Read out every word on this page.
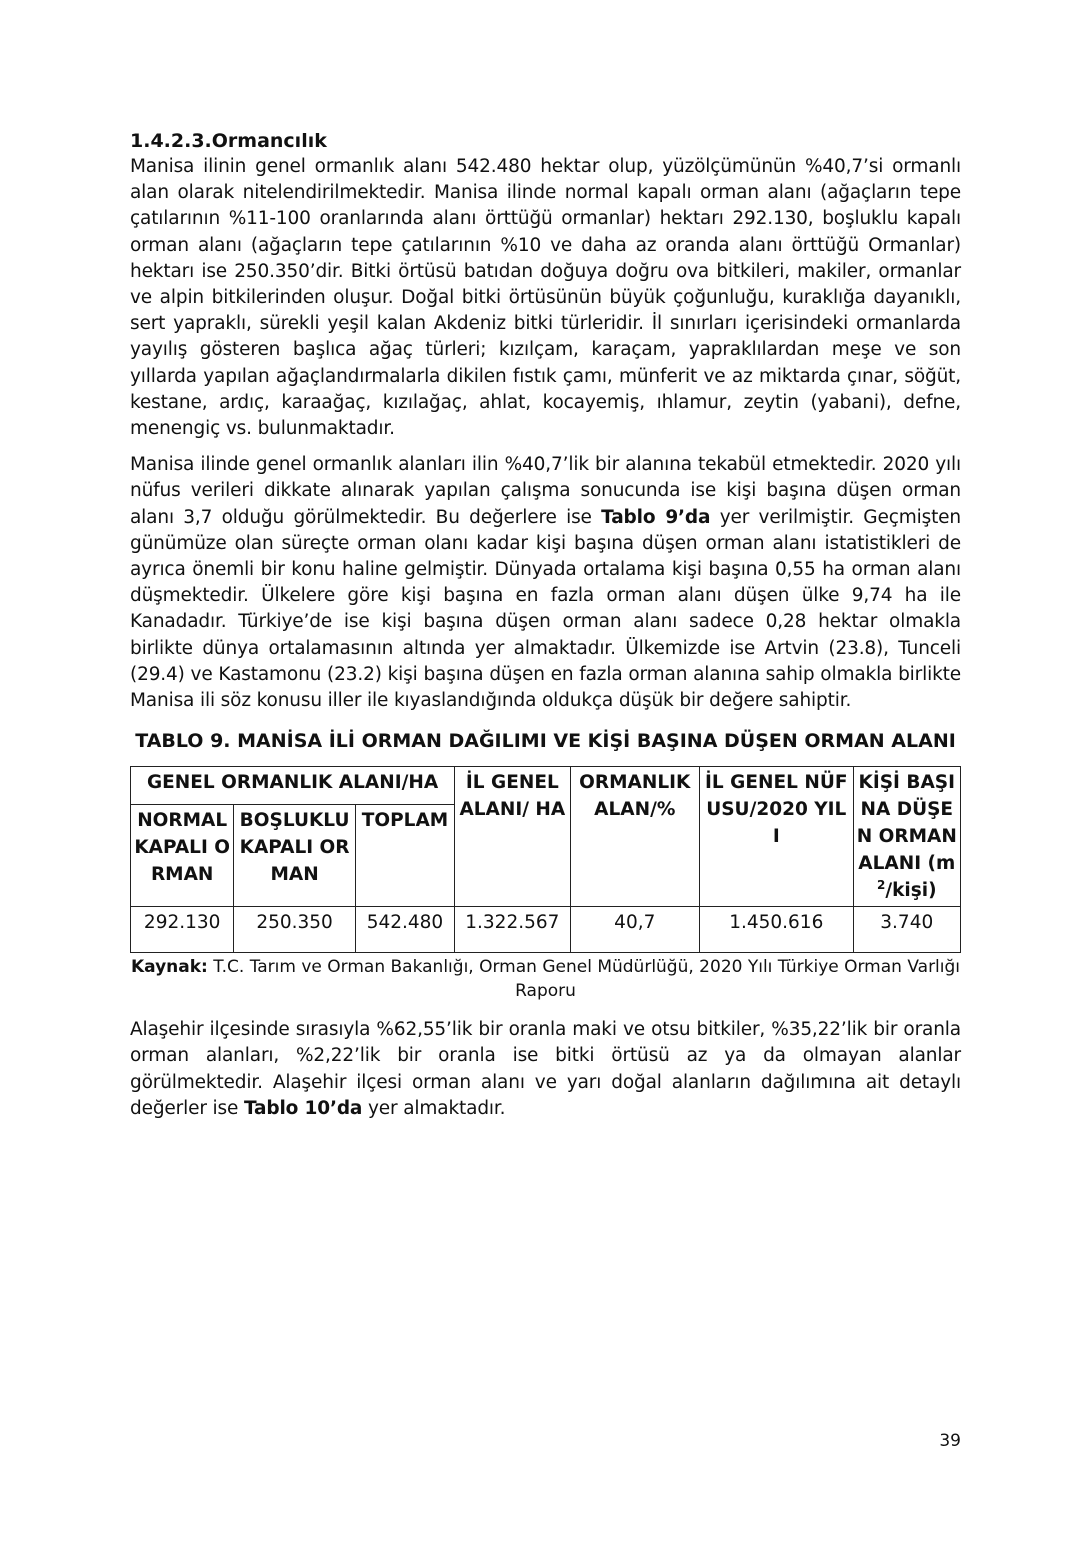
1.4.2.3.Ormancılık

Manisa ilinin genel ormanlık alanı 542.480 hektar olup, yüzölçümünün %40,7’si ormanlı alan olarak nitelendirilmektedir. Manisa ilinde normal kapalı orman alanı (ağaçların tepe çatılarının %11-100 oranlarında alanı örttüğü ormanlar) hektarı 292.130, boşluklu kapalı orman alanı (ağaçların tepe çatılarının %10 ve daha az oranda alanı örttüğü Ormanlar) hektarı ise 250.350’dir. Bitki örtüsü batıdan doğuya doğru ova bitkileri, makiler, ormanlar ve alpin bitkilerinden oluşur. Doğal bitki örtüsünün büyük çoğunluğu, kuraklığa dayanıklı, sert yapraklı, sürekli yeşil kalan Akdeniz bitki türleridir. İl sınırları içerisindeki ormanlarda yayılış gösteren başlıca ağaç türleri; kızılçam, karaçam, yapraklılardan meşe ve son yıllarda yapılan ağaçlandırmalarla dikilen fıstık çamı, münferit ve az miktarda çınar, söğüt, kestane, ardıç, karaağaç, kızılağaç, ahlat, kocayemiş, ıhlamur, zeytin (yabani), defne, menengiç vs. bulunmaktadır.

Manisa ilinde genel ormanlık alanları ilin %40,7’lik bir alanına tekabül etmektedir. 2020 yılı nüfus verileri dikkate alınarak yapılan çalışma sonucunda ise kişi başına düşen orman alanı 3,7 olduğu görülmektedir. Bu değerlere ise Tablo 9’da yer verilmiştir. Geçmişten günümüze olan süreçte orman olanı kadar kişi başına düşen orman alanı istatistikleri de ayrıca önemli bir konu haline gelmiştir. Dünyada ortalama kişi başına 0,55 ha orman alanı düşmektedir. Ülkelere göre kişi başına en fazla orman alanı düşen ülke 9,74 ha ile Kanadadır. Türkiye’de ise kişi başına düşen orman alanı sadece 0,28 hektar olmakla birlikte dünya ortalamasının altında yer almaktadır. Ülkemizde ise Artvin (23.8), Tunceli (29.4) ve Kastamonu (23.2) kişi başına düşen en fazla orman alanına sahip olmakla birlikte Manisa ili söz konusu iller ile kıyaslandığında oldukça düşük bir değere sahiptir.

TABLO 9. MANİSA İLİ ORMAN DAĞILIMI VE KİŞİ BAŞINA DÜŞEN ORMAN ALANI
GENEL ORMANLIK ALANI/HA			İL GENEL ALANI/ HA	ORMANLIK ALAN/%	İL GENEL NÜFUSU/2020 YILI	KİŞİ BAŞINA DÜŞEN ORMAN ALANI $(m^2/kişi)$
NORMAL KAPALI ORMAN	BOŞLUKLU KAPALI ORMAN	TOPLAM				
292.130	250.350	542.480	1.322.567	40,7	1.450.616	3.740
Kaynak: T.C. Tarım ve Orman Bakanlığı, Orman Genel Müdürlüğü, 2020 Yılı Türkiye Orman Varlığı Raporu

Alaşehir ilçesinde sırasıyla %62,55’lik bir oranla maki ve otsu bitkiler, %35,22’lik bir oranla orman alanları, %2,22’lik bir oranla ise bitki örtüsü az ya da olmayan alanlar görülmektedir. Alaşehir ilçesi orman alanı ve yarı doğal alanların dağılımına ait detaylı değerler ise Tablo 10’da yer almaktadır.

39
